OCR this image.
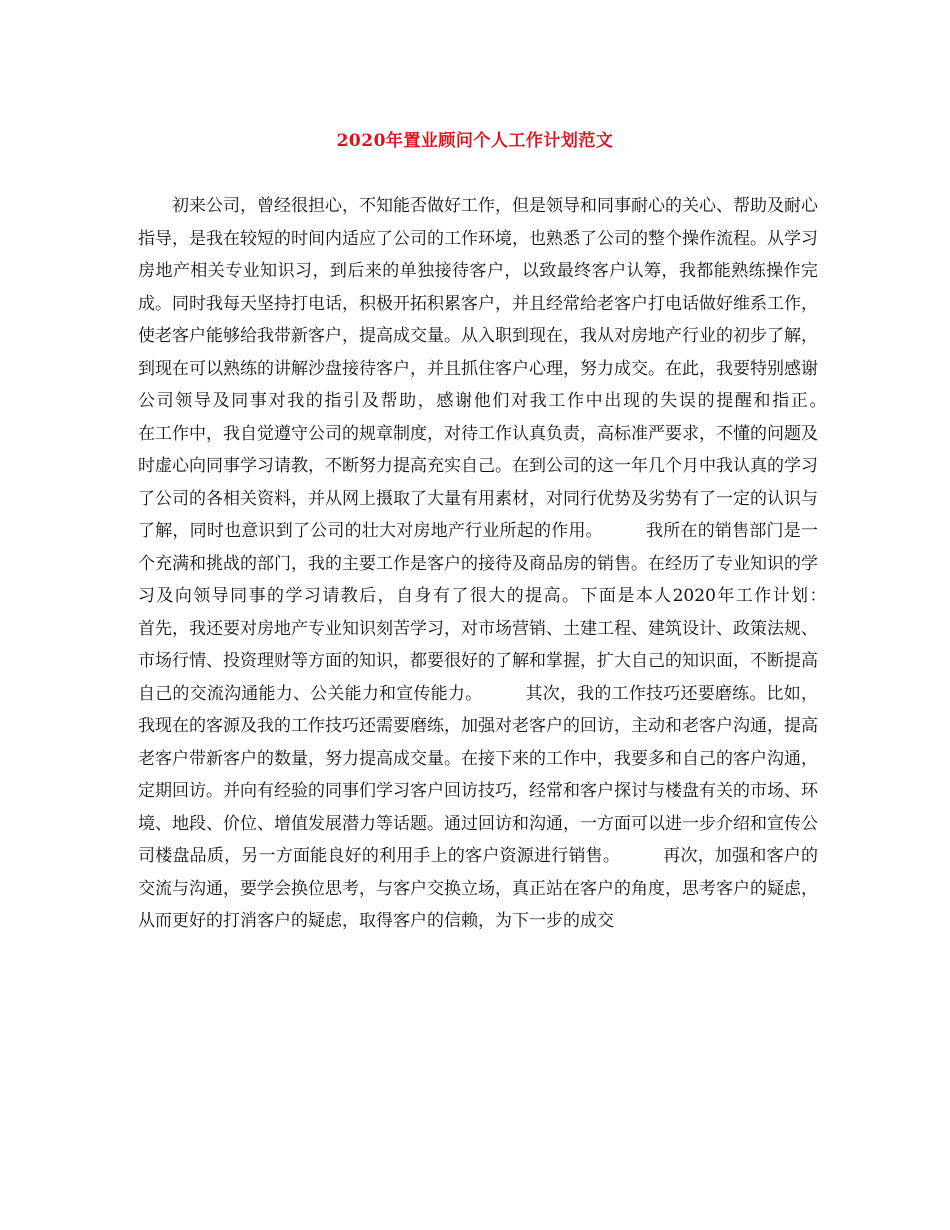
2020年置业顾问个人工作计划范文

初来公司，曾经很担心，不知能否做好工作，但是领导和同事耐心的关心、帮助及耐心指导，是我在较短的时间内适应了公司的工作环境，也熟悉了公司的整个操作流程。从学习房地产相关专业知识习，到后来的单独接待客户，以致最终客户认筹，我都能熟练操作完成。同时我每天坚持打电话，积极开拓积累客户，并且经常给老客户打电话做好维系工作，使老客户能够给我带新客户，提高成交量。从入职到现在，我从对房地产行业的初步了解，到现在可以熟练的讲解沙盘接待客户，并且抓住客户心理，努力成交。在此，我要特别感谢公司领导及同事对我的指引及帮助，感谢他们对我工作中出现的失误的提醒和指正。　　　在工作中，我自觉遵守公司的规章制度，对待工作认真负责，高标准严要求，不懂的问题及时虚心向同事学习请教，不断努力提高充实自己。在到公司的这一年几个月中我认真的学习了公司的各相关资料，并从网上摄取了大量有用素材，对同行优势及劣势有了一定的认识与了解，同时也意识到了公司的壮大对房地产行业所起的作用。　　　我所在的销售部门是一个充满和挑战的部门，我的主要工作是客户的接待及商品房的销售。在经历了专业知识的学习及向领导同事的学习请教后，自身有了很大的提高。下面是本人2020年工作计划：　　　首先，我还要对房地产专业知识刻苦学习，对市场营销、土建工程、建筑设计、政策法规、市场行情、投资理财等方面的知识，都要很好的了解和掌握，扩大自己的知识面，不断提高自己的交流沟通能力、公关能力和宣传能力。　　　其次，我的工作技巧还要磨练。比如，我现在的客源及我的工作技巧还需要磨练，加强对老客户的回访，主动和老客户沟通，提高老客户带新客户的数量，努力提高成交量。在接下来的工作中，我要多和自己的客户沟通，定期回访。并向有经验的同事们学习客户回访技巧，经常和客户探讨与楼盘有关的市场、环境、地段、价位、增值发展潜力等话题。通过回访和沟通，一方面可以进一步介绍和宣传公司楼盘品质，另一方面能良好的利用手上的客户资源进行销售。　　　再次，加强和客户的交流与沟通，要学会换位思考，与客户交换立场，真正站在客户的角度，思考客户的疑虑，从而更好的打消客户的疑虑，取得客户的信赖，为下一步的成交
